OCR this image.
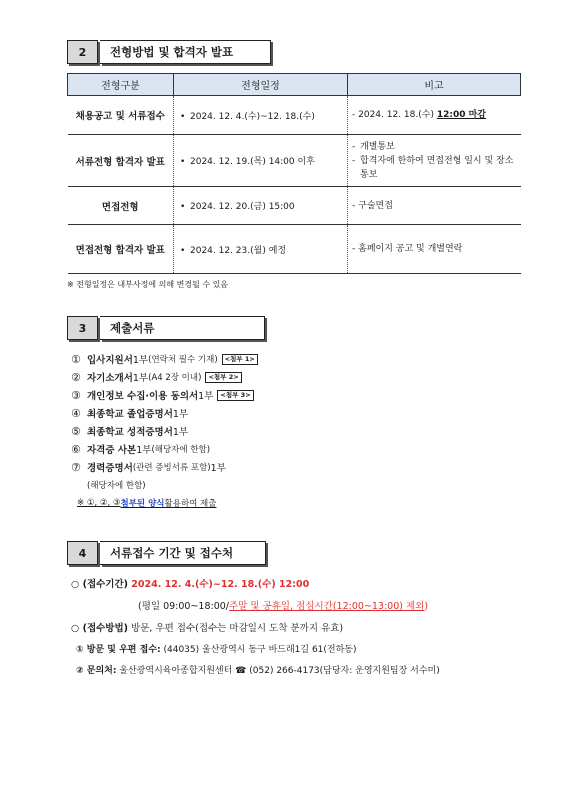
2	전형방법 및 합격자 발표
전형구분	전형일정	비고
채용공고 및 서류접수	• 2024. 12. 4.(수)~12. 18.(수)	- 2024. 12. 18.(수) 12:00 마감
서류전형 합격자 발표	• 2024. 12. 19.(목) 14:00 이후	- 개별통보
- 합격자에 한하여 면접전형 일시 및 장소 통보

면접전형	• 2024. 12. 20.(금) 15:00	- 구술면접
면접전형 합격자 발표	• 2024. 12. 23.(월) 예정	- 홈페이지 공고 및 개별연락
※ 전형일정은 내부사정에 의해 변경될 수 있음
3	제출서류
① 입사지원서 1부 (연락처 필수 기재)	<첨부 1>
② 자기소개서 1부 (A4 2장 이내)	<첨부 2>
③ 개인정보 수집·이용 동의서 1부	<첨부 3>
④ 최종학교 졸업증명서 1부
⑤ 최종학교 성적증명서 1부
⑥ 자격증 사본 1부 (해당자에 한함)
⑦ 경력증명서 (관련 증빙서류 포함) 1부
(해당자에 한함)
※ ①, ②, ③ 첨부된 양식 활용하여 제출
4	서류접수 기간 및 접수처
○ (접수기간) 2024. 12. 4.(수)~12. 18.(수) 12:00
(평일 09:00~18:00/주말 및 공휴일, 점심시간(12:00~13:00) 제외)
○ (접수방법) 방문, 우편 접수(접수는 마감일시 도착 분까지 유효)
① 방문 및 우편 접수: (44035) 울산광역시 동구 바드래1길 61(전하동)
② 문의처: 울산광역시육아종합지원센터 ☎ (052) 266-4173(담당자: 운영지원팀장 서수미)
